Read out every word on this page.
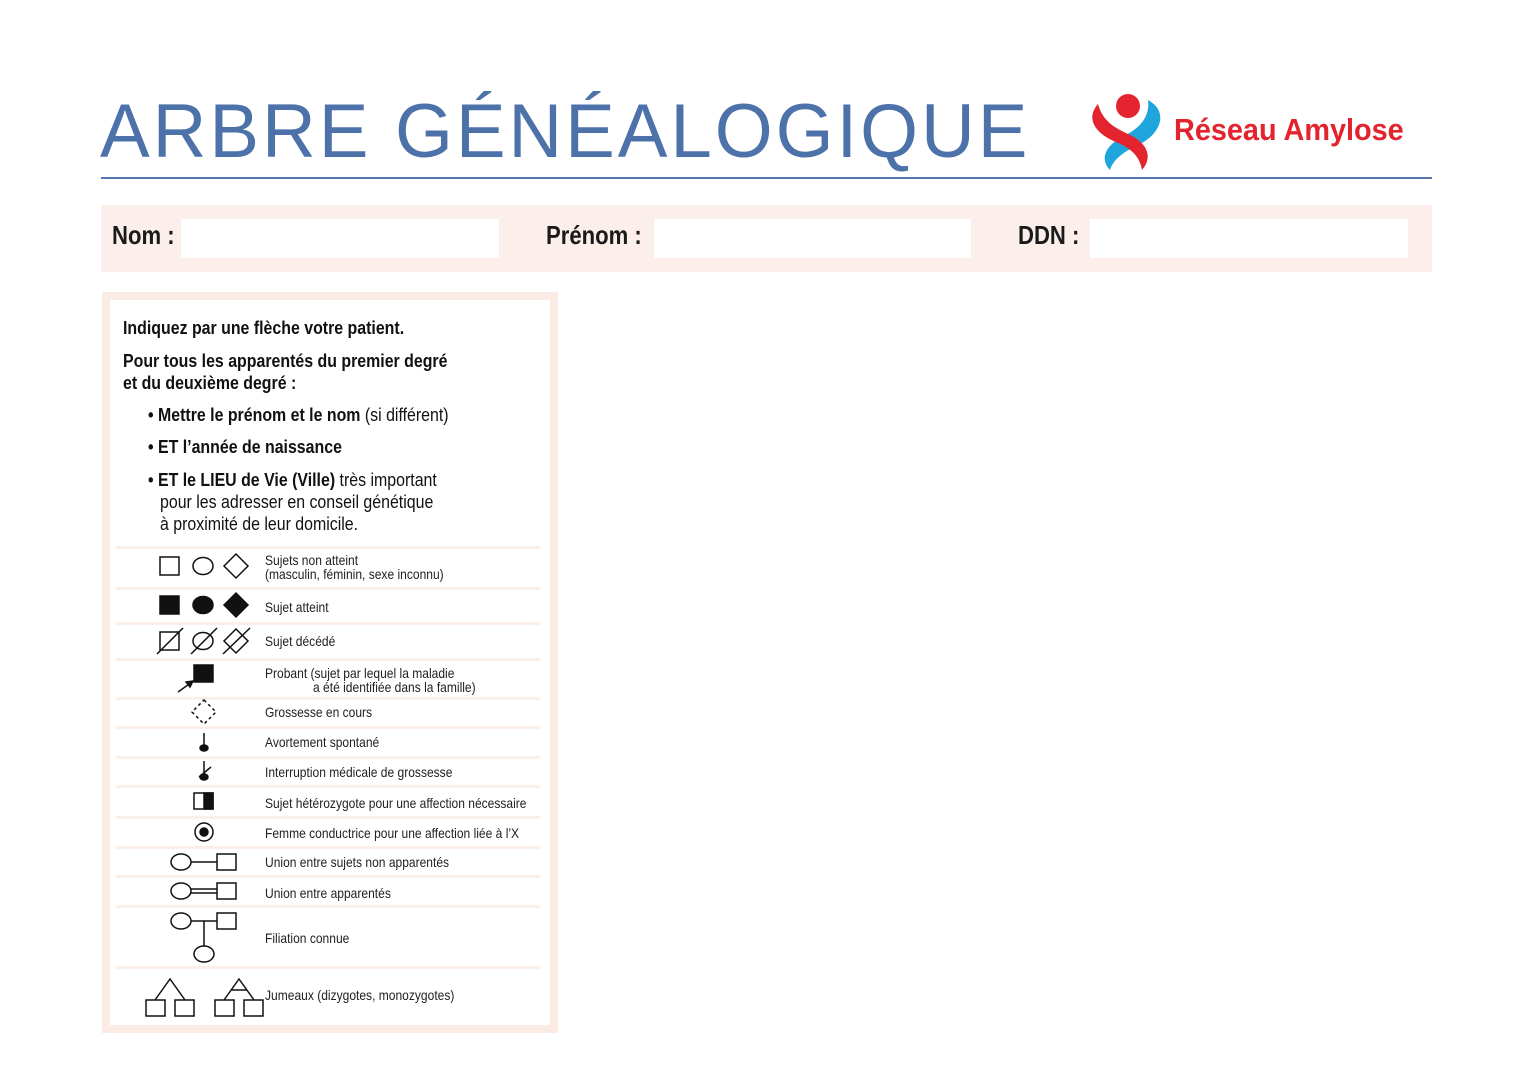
ARBRE GÉNÉALOGIQUE	Réseau Amylose
Nom :	Prénom :	DDN :
Indiquez par une flèche votre patient.
Pour tous les apparentés du premier degré
et du deuxième degré :
• Mettre le prénom et le nom (si différent)
• ET l’année de naissance
• ET le LIEU de Vie (Ville) très important
pour les adresser en conseil génétique
à proximité de leur domicile.
Sujets non atteint
(masculin, féminin, sexe inconnu)
Sujet atteint
Sujet décédé
Probant (sujet par lequel la maladie
a été identifiée dans la famille)
Grossesse en cours
Avortement spontané
Interruption médicale de grossesse
Sujet hétérozygote pour une affection nécessaire
Femme conductrice pour une affection liée à l’X
Union entre sujets non apparentés
Union entre apparentés
Filiation connue
Jumeaux (dizygotes, monozygotes)
